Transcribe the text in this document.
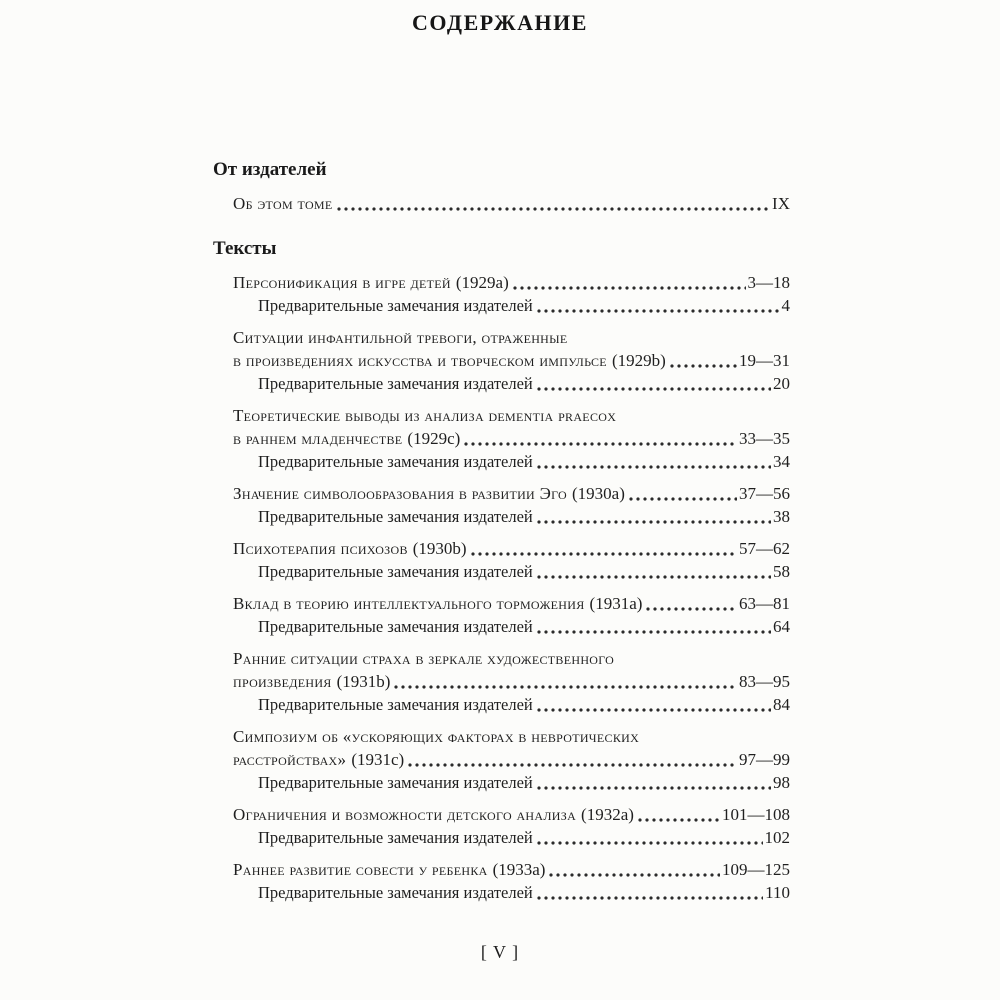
СОДЕРЖАНИЕ
От издателей
Об этом томе	IX
Тексты
Персонификация в игре детей (1929a)	3—18
Предварительные замечания издателей	4
Ситуации инфантильной тревоги, отраженные
в произведениях искусства и творческом импульсе (1929b)	19—31
Предварительные замечания издателей	20
Теоретические выводы из анализа dementia praecox
в раннем младенчестве (1929c)	33—35
Предварительные замечания издателей	34
Значение символообразования в развитии Эго (1930a)	37—56
Предварительные замечания издателей	38
Психотерапия психозов (1930b)	57—62
Предварительные замечания издателей	58
Вклад в теорию интеллектуального торможения (1931a)	63—81
Предварительные замечания издателей	64
Ранние ситуации страха в зеркале художественного
произведения (1931b)	83—95
Предварительные замечания издателей	84
Симпозиум об «ускоряющих факторах в невротических
расстройствах» (1931c)	97—99
Предварительные замечания издателей	98
Ограничения и возможности детского анализа (1932a)	101—108
Предварительные замечания издателей	102
Раннее развитие совести у ребенка (1933a)	109—125
Предварительные замечания издателей	110
[ V ]
